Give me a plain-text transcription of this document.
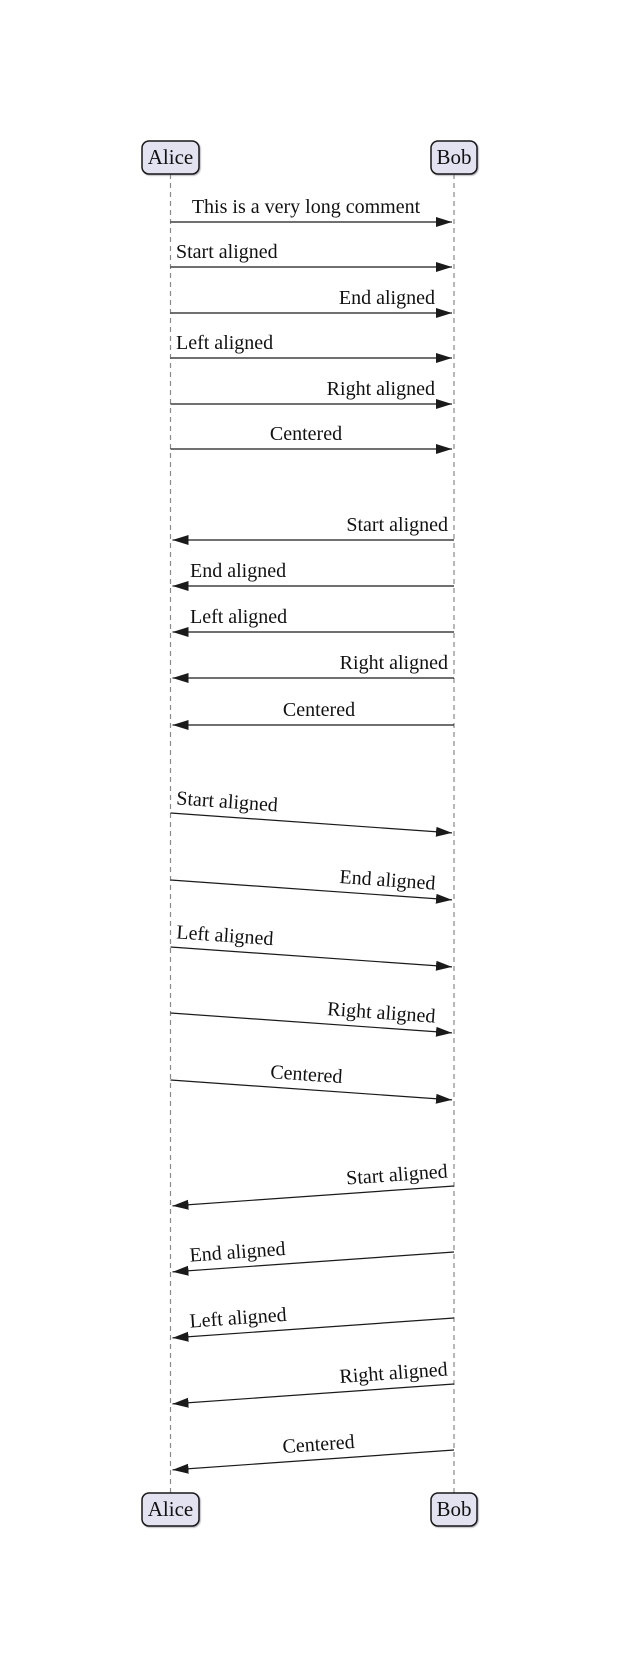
Alice	Bob
This is a very long comment
Start aligned
End aligned
Left aligned
Right aligned
Centered
Start aligned
End aligned
Left aligned
Right aligned
Centered
Start aligned
End aligned
Left aligned
Right aligned
Centered
Start aligned
End aligned
Left aligned
Right aligned
Centered
Alice	Bob
